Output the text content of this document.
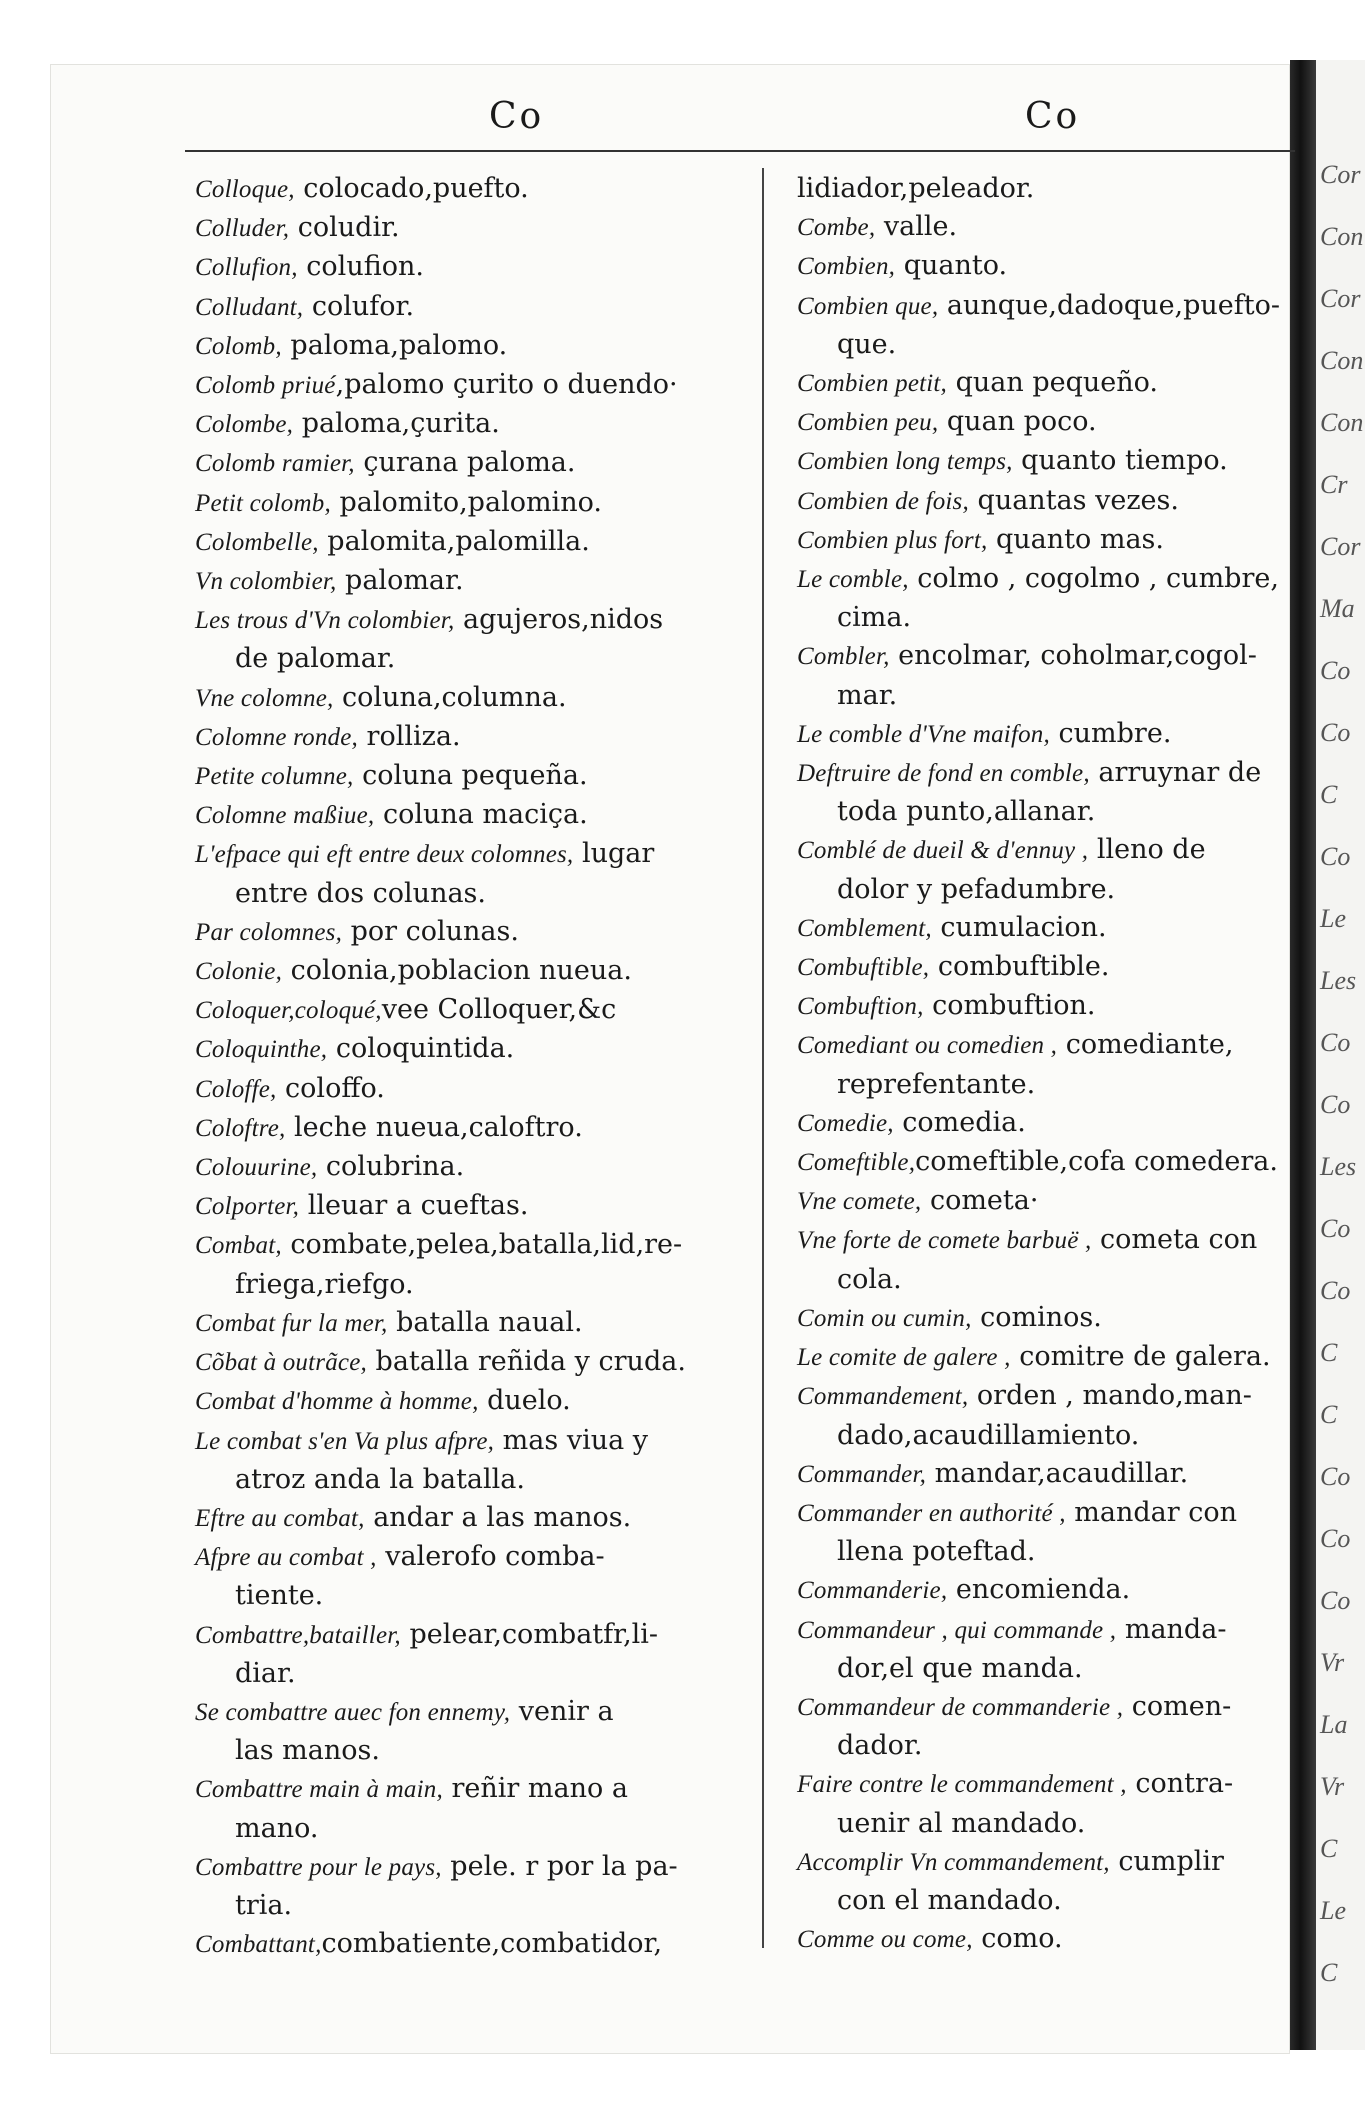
Cor
Con
Cor
Con
Con
Cr
Cor
Ma
Co
Co
C
Co
Le
Les
Co
Co
Les
Co
Co
C
C
Co
Co
Co
Vr
La
Vr
C
Le
C
Co	Co

Colloque, colocado,puefto.

Colluder, coludir.

Collufion, colufion.

Colludant, colufor.

Colomb, paloma,palomo.

Colomb priué,palomo çurito o duendo·

Colombe, paloma,çurita.

Colomb ramier, çurana paloma.

Petit colomb, palomito,palomino.

Colombelle, palomita,palomilla.

Vn colombier, palomar.

Les trous d'Vn colombier, agujeros,nidos
de palomar.

Vne colomne, coluna,columna.

Colomne ronde, rolliza.

Petite columne, coluna pequeña.

Colomne maßiue, coluna maciça.

L'efpace qui eft entre deux colomnes, lugar
entre dos colunas.

Par colomnes, por colunas.

Colonie, colonia,poblacion nueua.

Coloquer,coloqué,vee Colloquer,&c

Coloquinthe, coloquintida.

Coloffe, coloffo.

Coloftre, leche nueua,caloftro.

Colouurine, colubrina.

Colporter, lleuar a cueftas.

Combat, combate,pelea,batalla,lid,re-
friega,riefgo.

Combat fur la mer, batalla naual.

Cõbat à outrãce, batalla reñida y cruda.

Combat d'homme à homme, duelo.

Le combat s'en Va plus afpre, mas viua y
atroz anda la batalla.

Eftre au combat, andar a las manos.

Afpre au combat , valerofo comba-
tiente.

Combattre,batailler, pelear,combatfr,li-
diar.

Se combattre auec fon ennemy, venir a
las manos.

Combattre main à main, reñir mano a
mano.

Combattre pour le pays, pele. r por la pa-
tria.

Combattant,combatiente,combatidor,

lidiador,peleador.

Combe, valle.

Combien, quanto.

Combien que, aunque,dadoque,puefto-
que.

Combien petit, quan pequeño.

Combien peu, quan poco.

Combien long temps, quanto tiempo.

Combien de fois, quantas vezes.

Combien plus fort, quanto mas.

Le comble, colmo , cogolmo , cumbre,
cima.

Combler, encolmar, coholmar,cogol-
mar.

Le comble d'Vne maifon, cumbre.

Deftruire de fond en comble, arruynar de
toda punto,allanar.

Comblé de dueil & d'ennuy , lleno de
dolor y pefadumbre.

Comblement, cumulacion.

Combuftible, combuftible.

Combuftion, combuftion.

Comediant ou comedien , comediante,
reprefentante.

Comedie, comedia.

Comeftible,comeftible,cofa comedera.

Vne comete, cometa·

Vne forte de comete barbuë , cometa con
cola.

Comin ou cumin, cominos.

Le comite de galere , comitre de galera.

Commandement, orden , mando,man-
dado,acaudillamiento.

Commander, mandar,acaudillar.

Commander en authorité , mandar con
llena poteftad.

Commanderie, encomienda.

Commandeur , qui commande , manda-
dor,el que manda.

Commandeur de commanderie , comen-
dador.

Faire contre le commandement , contra-
uenir al mandado.

Accomplir Vn commandement, cumplir
con el mandado.

Comme ou come, como.
